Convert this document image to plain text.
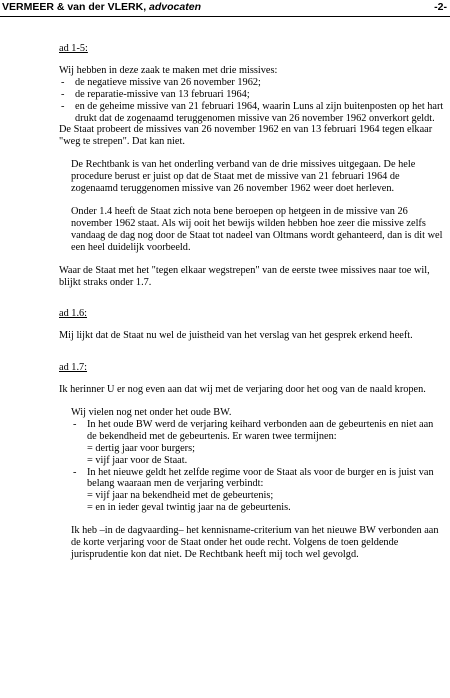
VERMEER & van der VLERK, advocaten	-2-
ad 1-5:
Wij hebben in deze zaak te maken met drie missives:
- de negatieve missive van 26 november 1962;
- de reparatie-missive van 13 februari 1964;
- en de geheime missive van 21 februari 1964, waarin Luns al zijn buitenposten op het hart drukt dat de zogenaamd teruggenomen missive van 26 november 1962 onverkort geldt.

De Staat probeert de missives van 26 november 1962 en van 13 februari 1964 tegen elkaar "weg te strepen". Dat kan niet.

De Rechtbank is van het onderling verband van de drie missives uitgegaan. De hele procedure berust er juist op dat de Staat met de missive van 21 februari 1964 de zogenaamd teruggenomen missive van 26 november 1962 weer doet herleven.

Onder 1.4 heeft de Staat zich nota bene beroepen op hetgeen in de missive van 26 november 1962 staat. Als wij ooit het bewijs wilden hebben hoe zeer die missive zelfs vandaag de dag nog door de Staat tot nadeel van Oltmans wordt gehanteerd, dan is dit wel een heel duidelijk voorbeeld.

Waar de Staat met het "tegen elkaar wegstrepen" van de eerste twee missives naar toe wil, blijkt straks onder 1.7.

ad 1.6:

Mij lijkt dat de Staat nu wel de juistheid van het verslag van het gesprek erkend heeft.

ad 1.7:

Ik herinner U er nog even aan dat wij met de verjaring door het oog van de naald kropen.

Wij vielen nog net onder het oude BW.
- In het oude BW werd de verjaring keihard verbonden aan de gebeurtenis en niet aan de bekendheid met de gebeurtenis. Er waren twee termijnen:
= dertig jaar voor burgers;
= vijf jaar voor de Staat.
- In het nieuwe geldt het zelfde regime voor de Staat als voor de burger en is juist van belang waaraan men de verjaring verbindt:
= vijf jaar na bekendheid met de gebeurtenis;
= en in ieder geval twintig jaar na de gebeurtenis.

Ik heb –in de dagvaarding– het kennisname-criterium van het nieuwe BW verbonden aan de korte verjaring voor de Staat onder het oude recht. Volgens de toen geldende jurisprudentie kon dat niet. De Rechtbank heeft mij toch wel gevolgd.
